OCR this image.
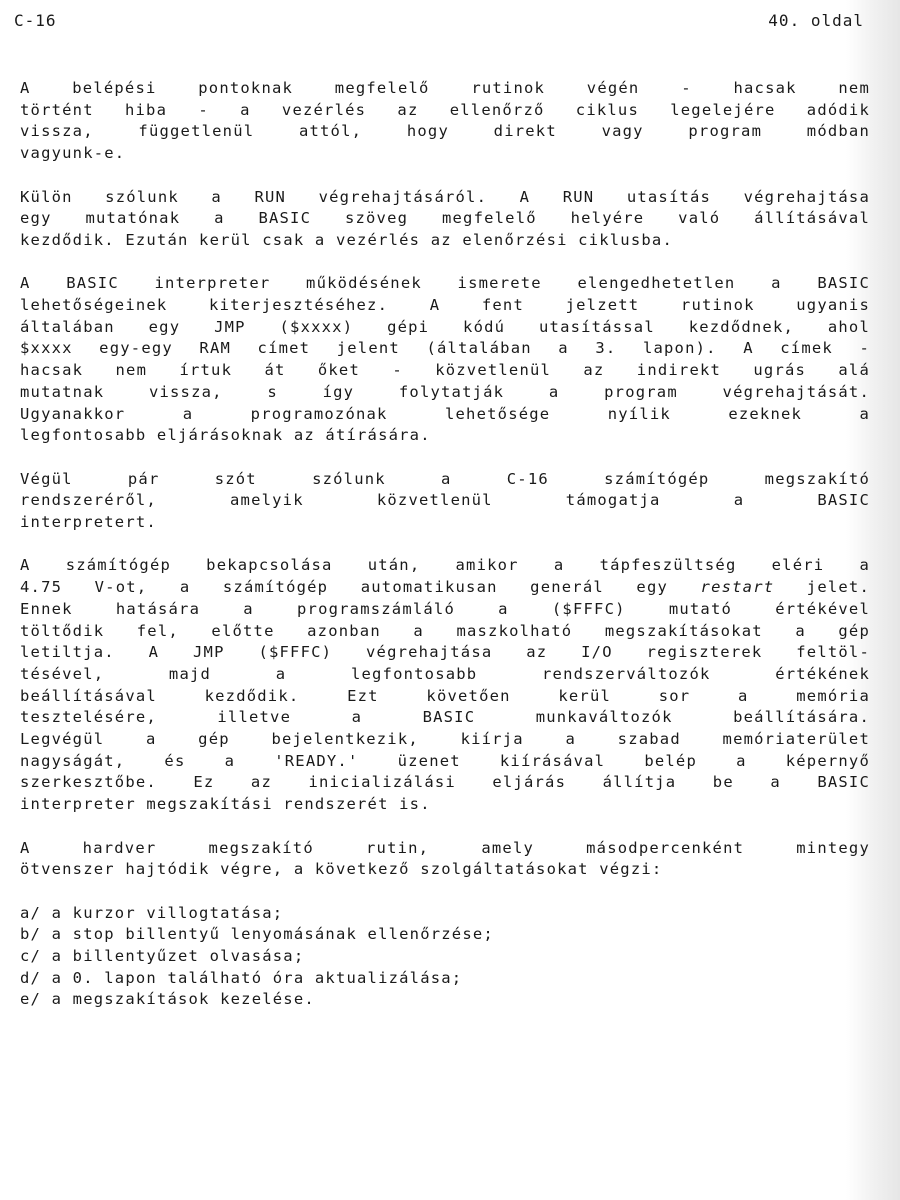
C-16	40. oldal
A belépési pontoknak megfelelő rutinok végén - hacsak nem
történt hiba - a vezérlés az ellenőrző ciklus legelejére adódik
vissza, függetlenül attól, hogy direkt vagy program módban
vagyunk-e.
Külön szólunk a RUN végrehajtásáról. A RUN utasítás végrehajtása
egy mutatónak a BASIC szöveg megfelelő helyére való állításával
kezdődik. Ezután kerül csak a vezérlés az elenőrzési ciklusba.
A BASIC interpreter működésének ismerete elengedhetetlen a BASIC
lehetőségeinek kiterjesztéséhez. A fent jelzett rutinok ugyanis
általában egy JMP ($xxxx) gépi kódú utasítással kezdődnek, ahol
$xxxx egy-egy RAM címet jelent (általában a 3. lapon). A címek -
hacsak nem írtuk át őket - közvetlenül az indirekt ugrás alá
mutatnak vissza, s így folytatják a program végrehajtását.
Ugyanakkor a programozónak lehetősége nyílik ezeknek a
legfontosabb eljárásoknak az átírására.
Végül pár szót szólunk a C-16 számítógép megszakító
rendszeréről, amelyik közvetlenül támogatja a BASIC
interpretert.
A számítógép bekapcsolása után, amikor a tápfeszültség eléri a
4.75 V-ot, a számítógép automatikusan generál egy restart jelet.
Ennek hatására a programszámláló a ($FFFC) mutató értékével
töltődik fel, előtte azonban a maszkolható megszakításokat a gép
letiltja. A JMP ($FFFC) végrehajtása az I/O regiszterek feltöl-
tésével, majd a legfontosabb rendszerváltozók értékének
beállításával kezdődik. Ezt követően kerül sor a memória
tesztelésére, illetve a BASIC munkaváltozók beállítására.
Legvégül a gép bejelentkezik, kiírja a szabad memóriaterület
nagyságát, és a 'READY.' üzenet kiírásával belép a képernyő
szerkesztőbe. Ez az inicializálási eljárás állítja be a BASIC
interpreter megszakítási rendszerét is.
A hardver megszakító rutin, amely másodpercenként mintegy
ötvenszer hajtódik végre, a következő szolgáltatásokat végzi:
a/ a kurzor villogtatása;
b/ a stop billentyű lenyomásának ellenőrzése;
c/ a billentyűzet olvasása;
d/ a 0. lapon található óra aktualizálása;
e/ a megszakítások kezelése.
